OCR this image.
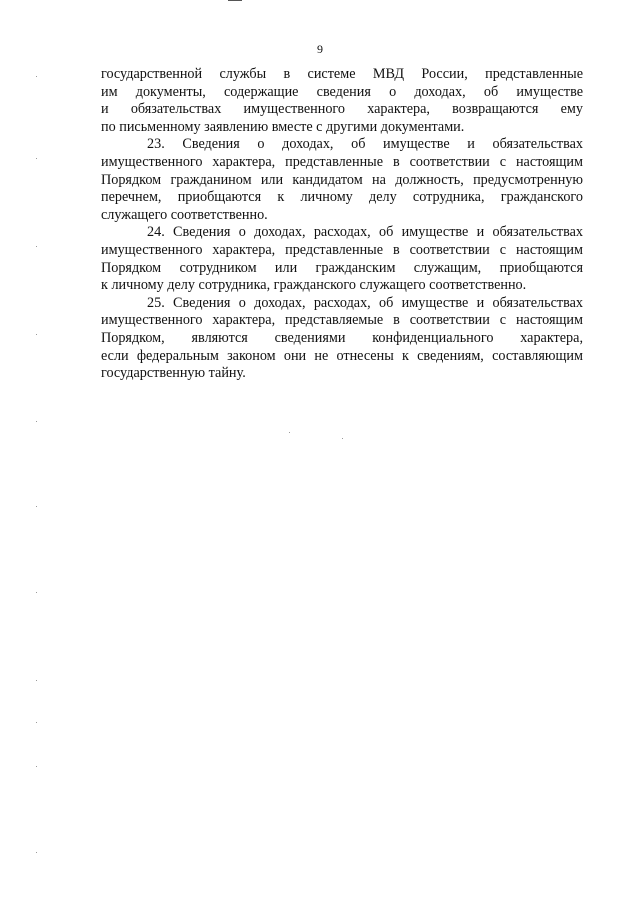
9

государственной службы в системе МВД России, представленные
им документы, содержащие сведения о доходах, об имуществе
и обязательствах имущественного характера, возвращаются ему
по письменному заявлению вместе с другими документами.

23. Сведения о доходах, об имуществе и обязательствах
имущественного характера, представленные в соответствии с настоящим
Порядком гражданином или кандидатом на должность, предусмотренную
перечнем, приобщаются к личному делу сотрудника, гражданского
служащего соответственно.

24. Сведения о доходах, расходах, об имуществе и обязательствах
имущественного характера, представленные в соответствии с настоящим
Порядком сотрудником или гражданским служащим, приобщаются
к личному делу сотрудника, гражданского служащего соответственно.

25. Сведения о доходах, расходах, об имуществе и обязательствах
имущественного характера, представляемые в соответствии с настоящим
Порядком, являются сведениями конфиденциального характера,
если федеральным законом они не отнесены к сведениям, составляющим
государственную тайну.
